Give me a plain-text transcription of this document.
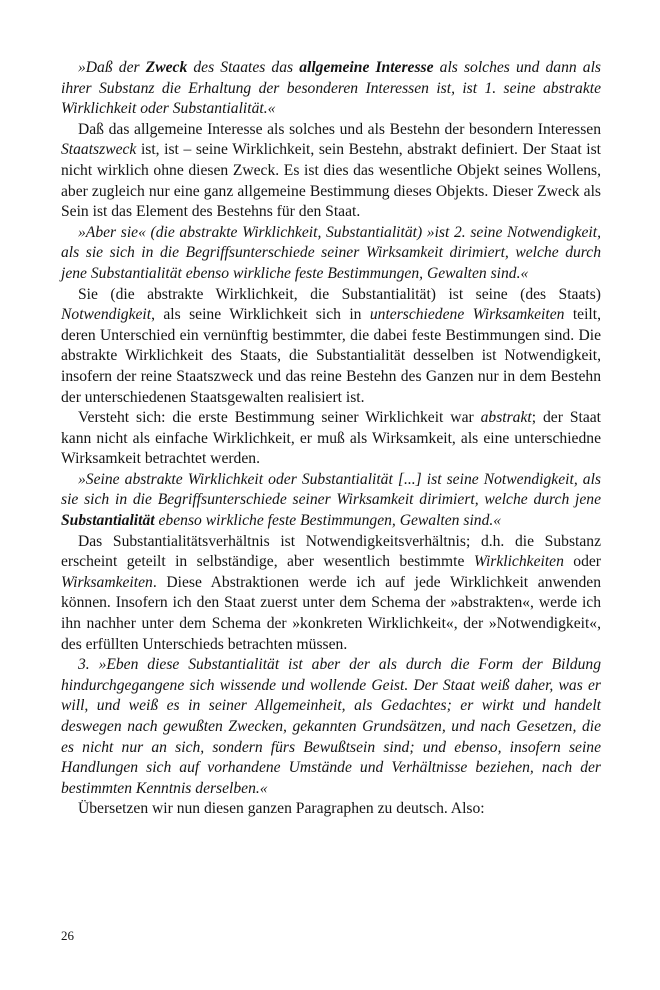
»Daß der Zweck des Staates das allgemeine Interesse als solches und dann als ihrer Substanz die Erhaltung der besonderen Interessen ist, ist 1. seine abstrakte Wirklichkeit oder Substantialität.«

Daß das allgemeine Interesse als solches und als Bestehn der besondern Interessen Staatszweck ist, ist – seine Wirklichkeit, sein Bestehn, abstrakt definiert. Der Staat ist nicht wirklich ohne diesen Zweck. Es ist dies das wesentliche Objekt seines Wollens, aber zugleich nur eine ganz allgemeine Bestimmung dieses Objekts. Dieser Zweck als Sein ist das Element des Bestehns für den Staat.

»Aber sie« (die abstrakte Wirklichkeit, Substantialität) »ist 2. seine Notwendigkeit, als sie sich in die Begriffsunterschiede seiner Wirksamkeit dirimiert, welche durch jene Substantialität ebenso wirkliche feste Bestimmungen, Gewalten sind.«

Sie (die abstrakte Wirklichkeit, die Substantialität) ist seine (des Staats) Notwendigkeit, als seine Wirklichkeit sich in unterschiedene Wirksamkeiten teilt, deren Unterschied ein vernünftig bestimmter, die dabei feste Bestimmungen sind. Die abstrakte Wirklichkeit des Staats, die Substantialität desselben ist Notwendigkeit, insofern der reine Staatszweck und das reine Bestehn des Ganzen nur in dem Bestehn der unterschiedenen Staatsgewalten realisiert ist.

Versteht sich: die erste Bestimmung seiner Wirklichkeit war abstrakt; der Staat kann nicht als einfache Wirklichkeit, er muß als Wirksamkeit, als eine unterschiedne Wirksamkeit betrachtet werden.

»Seine abstrakte Wirklichkeit oder Substantialität [...] ist seine Notwendigkeit, als sie sich in die Begriffsunterschiede seiner Wirksamkeit dirimiert, welche durch jene Substantialität ebenso wirkliche feste Bestimmungen, Gewalten sind.«

Das Substantialitätsverhältnis ist Notwendigkeitsverhältnis; d.h. die Substanz erscheint geteilt in selbständige, aber wesentlich bestimmte Wirklichkeiten oder Wirksamkeiten. Diese Abstraktionen werde ich auf jede Wirklichkeit anwenden können. Insofern ich den Staat zuerst unter dem Schema der »abstrakten«, werde ich ihn nachher unter dem Schema der »konkreten Wirklichkeit«, der »Notwendigkeit«, des erfüllten Unterschieds betrachten müssen.

3. »Eben diese Substantialität ist aber der als durch die Form der Bildung hindurchgegangene sich wissende und wollende Geist. Der Staat weiß daher, was er will, und weiß es in seiner Allgemeinheit, als Gedachtes; er wirkt und handelt deswegen nach gewußten Zwecken, gekannten Grundsätzen, und nach Gesetzen, die es nicht nur an sich, sondern fürs Bewußtsein sind; und ebenso, insofern seine Handlungen sich auf vorhandene Umstände und Verhältnisse beziehen, nach der bestimmten Kenntnis derselben.«

Übersetzen wir nun diesen ganzen Paragraphen zu deutsch. Also:

26
